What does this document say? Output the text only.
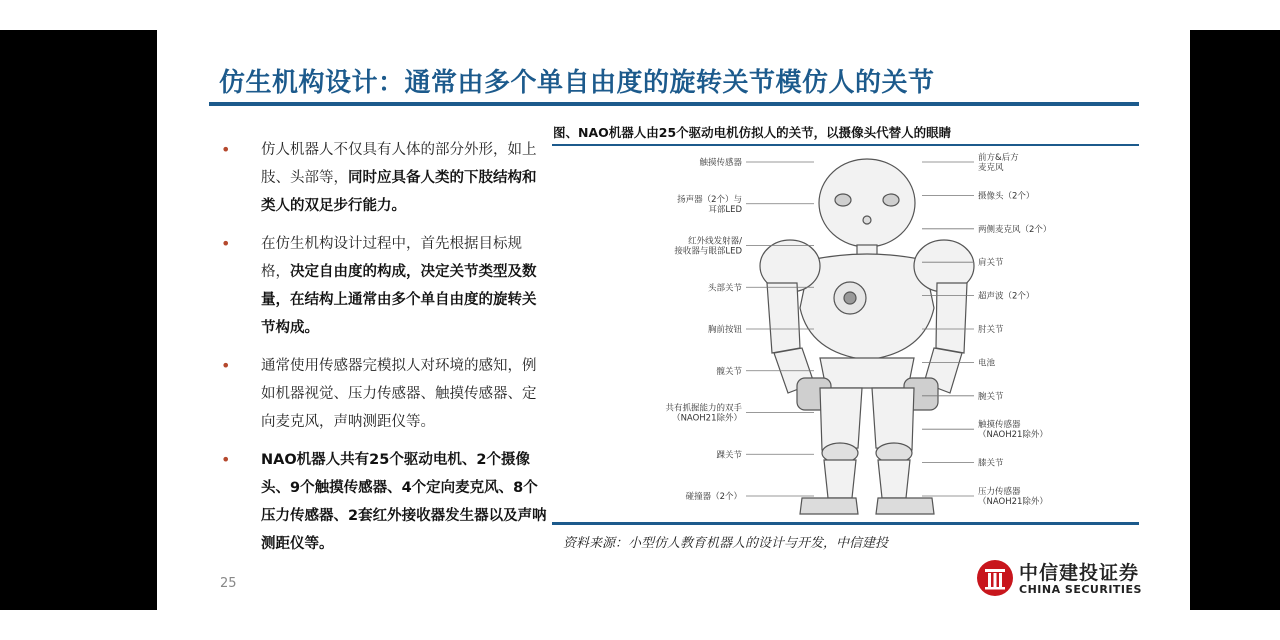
仿生机构设计：通常由多个单自由度的旋转关节模仿人的关节
• 仿人机器人不仅具有人体的部分外形，如上肢、头部等，同时应具备人类的下肢结构和类人的双足步行能力。
• 在仿生机构设计过程中，首先根据目标规格，决定自由度的构成，决定关节类型及数量，在结构上通常由多个单自由度的旋转关节构成。
• 通常使用传感器完模拟人对环境的感知，例如机器视觉、压力传感器、触摸传感器、定向麦克风，声呐测距仪等。
• NAO机器人共有25个驱动电机、2个摄像头、9个触摸传感器、4个定向麦克风、8个压力传感器、2套红外接收器发生器以及声呐测距仪等。
图、NAO机器人由25个驱动电机仿拟人的关节，以摄像头代替人的眼睛
触摸传感器
扬声器（2个）与耳部LED
红外线发射器/接收器与眼部LED
头部关节
胸前按钮
髋关节
共有抓握能力的双手（NAOH21除外）
踝关节
碰撞器（2个）
前方&后方麦克风
摄像头（2个）
两侧麦克风（2个）
肩关节
超声波（2个）
肘关节
电池
腕关节
触摸传感器（NAOH21除外）
膝关节
压力传感器（NAOH21除外）
资料来源：小型仿人教育机器人的设计与开发，中信建投
25	中信建投证券
CHINA SECURITIES
